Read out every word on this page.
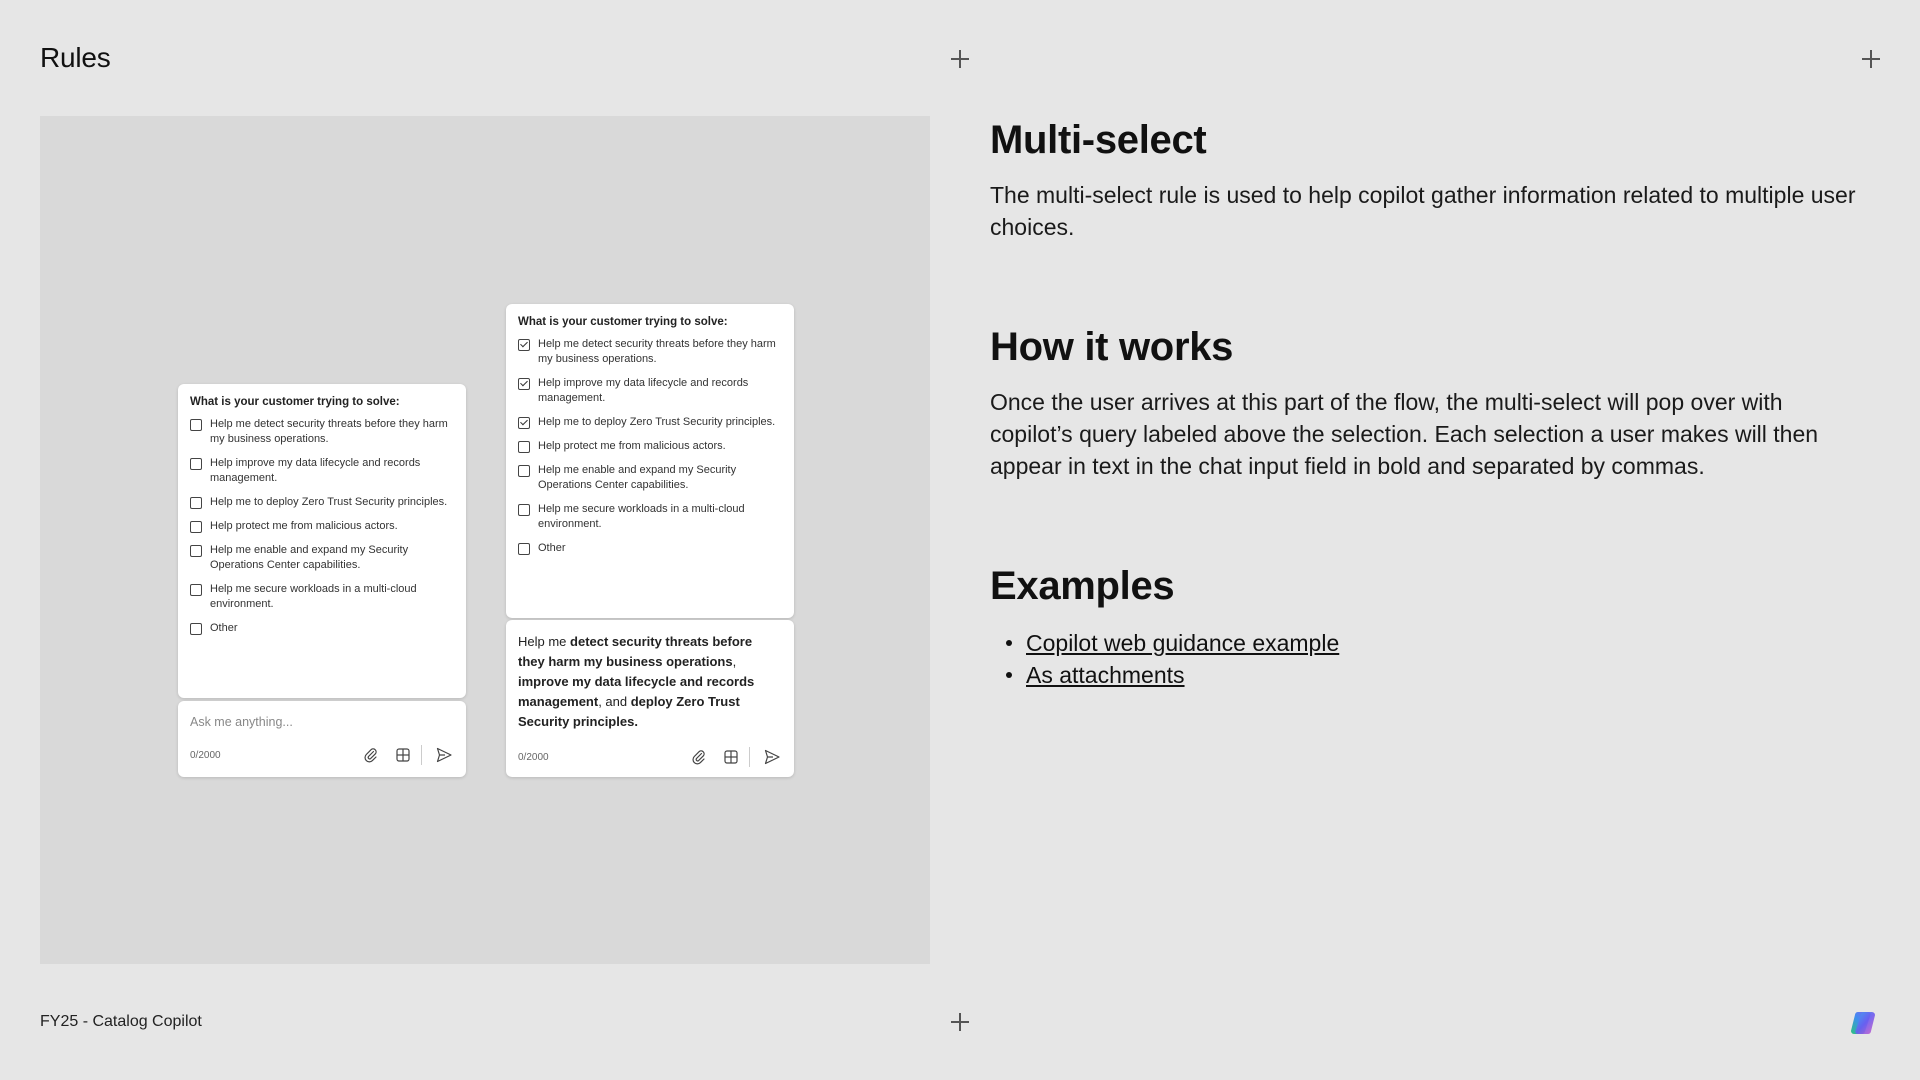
Rules
What is your customer trying to solve:
Help me detect security threats before they harm my business operations.
Help improve my data lifecycle and records management.
Help me to deploy Zero Trust Security principles.
Help protect me from malicious actors.
Help me enable and expand my Security Operations Center capabilities.
Help me secure workloads in a multi-cloud environment.
Other
Ask me anything...
0/2000
What is your customer trying to solve:
Help me detect security threats before they harm my business operations.
Help improve my data lifecycle and records management.
Help me to deploy Zero Trust Security principles.
Help protect me from malicious actors.
Help me enable and expand my Security Operations Center capabilities.
Help me secure workloads in a multi-cloud environment.
Other
Help me detect security threats before they harm my business operations, improve my data lifecycle and records management, and deploy Zero Trust Security principles.
0/2000
Multi-select
The multi-select rule is used to help copilot gather information related to multiple user choices.
How it works
Once the user arrives at this part of the flow, the multi-select will pop over with copilot’s query labeled above the selection. Each selection a user makes will then appear in text in the chat input field in bold and separated by commas.
Examples
Copilot web guidance example
As attachments
FY25 - Catalog Copilot
